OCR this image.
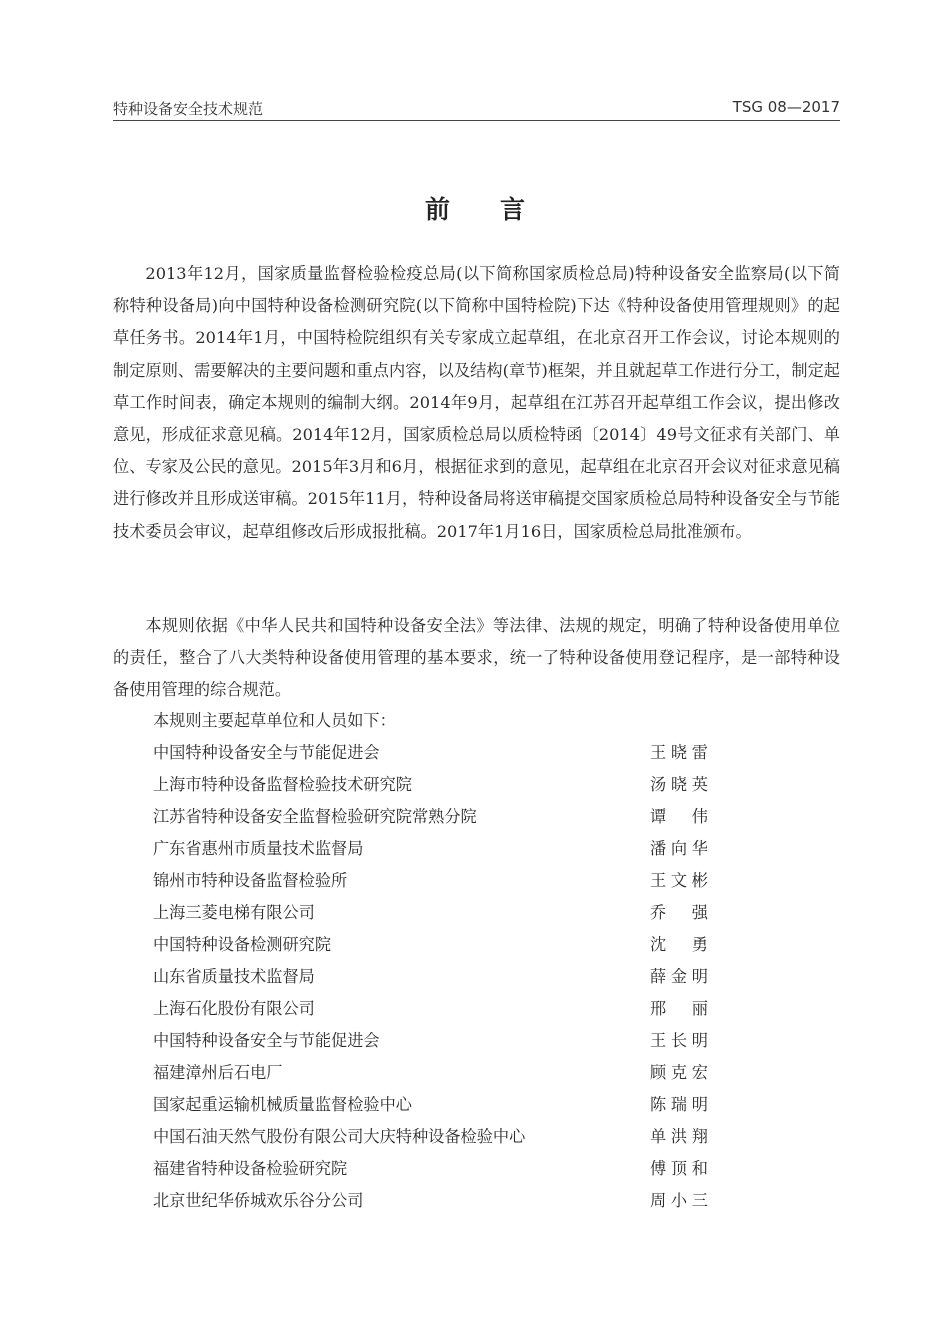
特种设备安全技术规范	TSG 08—2017
前言

2013年12月，国家质量监督检验检疫总局(以下简称国家质检总局)特种设备安全监察局(以下简称特种设备局)向中国特种设备检测研究院(以下简称中国特检院)下达《特种设备使用管理规则》的起草任务书。2014年1月，中国特检院组织有关专家成立起草组，在北京召开工作会议，讨论本规则的制定原则、需要解决的主要问题和重点内容，以及结构(章节)框架，并且就起草工作进行分工，制定起草工作时间表，确定本规则的编制大纲。2014年9月，起草组在江苏召开起草组工作会议，提出修改意见，形成征求意见稿。2014年12月，国家质检总局以质检特函〔2014〕49号文征求有关部门、单位、专家及公民的意见。2015年3月和6月，根据征求到的意见，起草组在北京召开会议对征求意见稿进行修改并且形成送审稿。2015年11月，特种设备局将送审稿提交国家质检总局特种设备安全与节能技术委员会审议，起草组修改后形成报批稿。2017年1月16日，国家质检总局批准颁布。

本规则依据《中华人民共和国特种设备安全法》等法律、法规的规定，明确了特种设备使用单位的责任，整合了八大类特种设备使用管理的基本要求，统一了特种设备使用登记程序，是一部特种设备使用管理的综合规范。

本规则主要起草单位和人员如下：
中国特种设备安全与节能促进会	王晓雷
上海市特种设备监督检验技术研究院	汤晓英
江苏省特种设备安全监督检验研究院常熟分院	谭伟
广东省惠州市质量技术监督局	潘向华
锦州市特种设备监督检验所	王文彬
上海三菱电梯有限公司	乔强
中国特种设备检测研究院	沈勇
山东省质量技术监督局	薛金明
上海石化股份有限公司	邢丽
中国特种设备安全与节能促进会	王长明
福建漳州后石电厂	顾克宏
国家起重运输机械质量监督检验中心	陈瑞明
中国石油天然气股份有限公司大庆特种设备检验中心	单洪翔
福建省特种设备检验研究院	傅顶和
北京世纪华侨城欢乐谷分公司	周小三
